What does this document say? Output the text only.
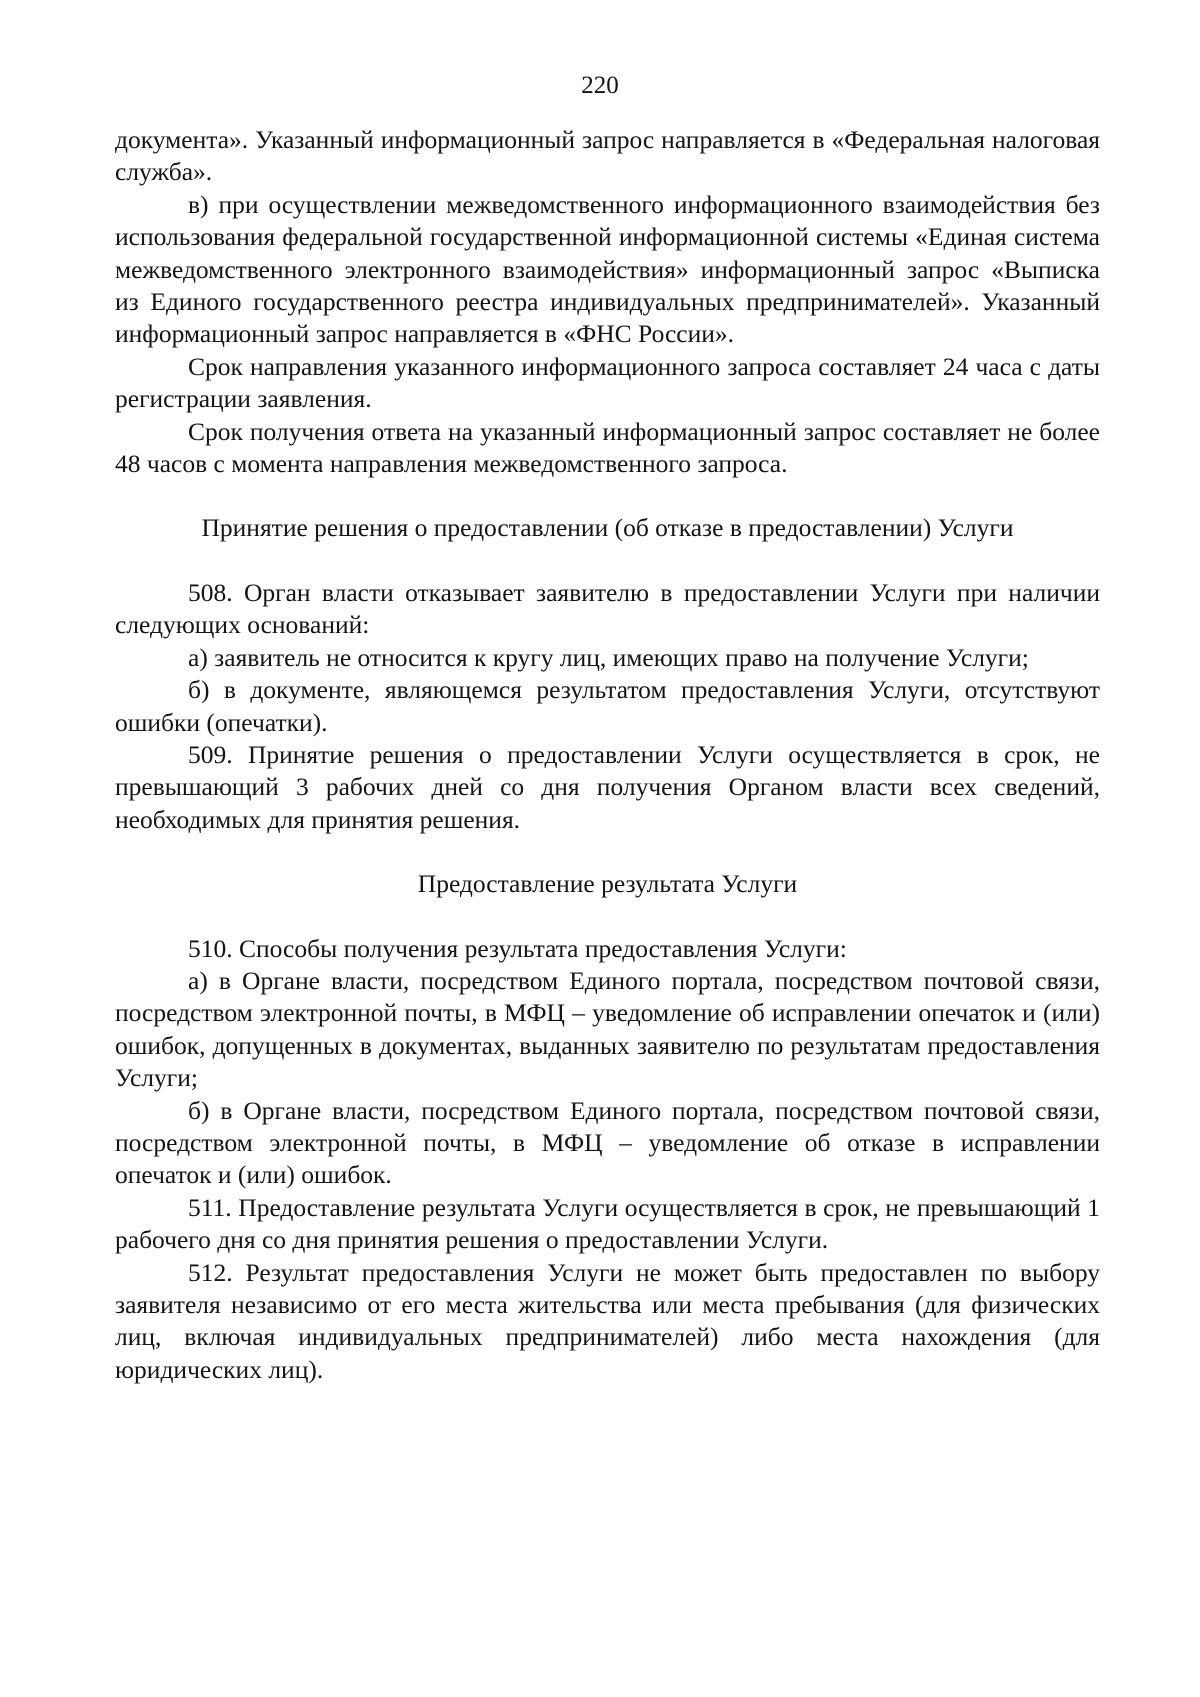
220

документа». Указанный информационный запрос направляется в «Федеральная налоговая служба».

в) при осуществлении межведомственного информационного взаимодействия без использования федеральной государственной информационной системы «Единая система межведомственного электронного взаимодействия» информационный запрос «Выписка из Единого государственного реестра индивидуальных предпринимателей». Указанный информационный запрос направляется в «ФНС России».

Срок направления указанного информационного запроса составляет 24 часа с даты регистрации заявления.

Срок получения ответа на указанный информационный запрос составляет не более 48 часов с момента направления межведомственного запроса.

Принятие решения о предоставлении (об отказе в предоставлении) Услуги

508. Орган власти отказывает заявителю в предоставлении Услуги при наличии следующих оснований:

а) заявитель не относится к кругу лиц, имеющих право на получение Услуги;

б) в документе, являющемся результатом предоставления Услуги, отсутствуют ошибки (опечатки).

509. Принятие решения о предоставлении Услуги осуществляется в срок, не превышающий 3 рабочих дней со дня получения Органом власти всех сведений, необходимых для принятия решения.

Предоставление результата Услуги

510. Способы получения результата предоставления Услуги:

а) в Органе власти, посредством Единого портала, посредством почтовой связи, посредством электронной почты, в МФЦ – уведомление об исправлении опечаток и (или) ошибок, допущенных в документах, выданных заявителю по результатам предоставления Услуги;

б) в Органе власти, посредством Единого портала, посредством почтовой связи, посредством электронной почты, в МФЦ – уведомление об отказе в исправлении опечаток и (или) ошибок.

511. Предоставление результата Услуги осуществляется в срок, не превышающий 1 рабочего дня со дня принятия решения о предоставлении Услуги.

512. Результат предоставления Услуги не может быть предоставлен по выбору заявителя независимо от его места жительства или места пребывания (для физических лиц, включая индивидуальных предпринимателей) либо места нахождения (для юридических лиц).
